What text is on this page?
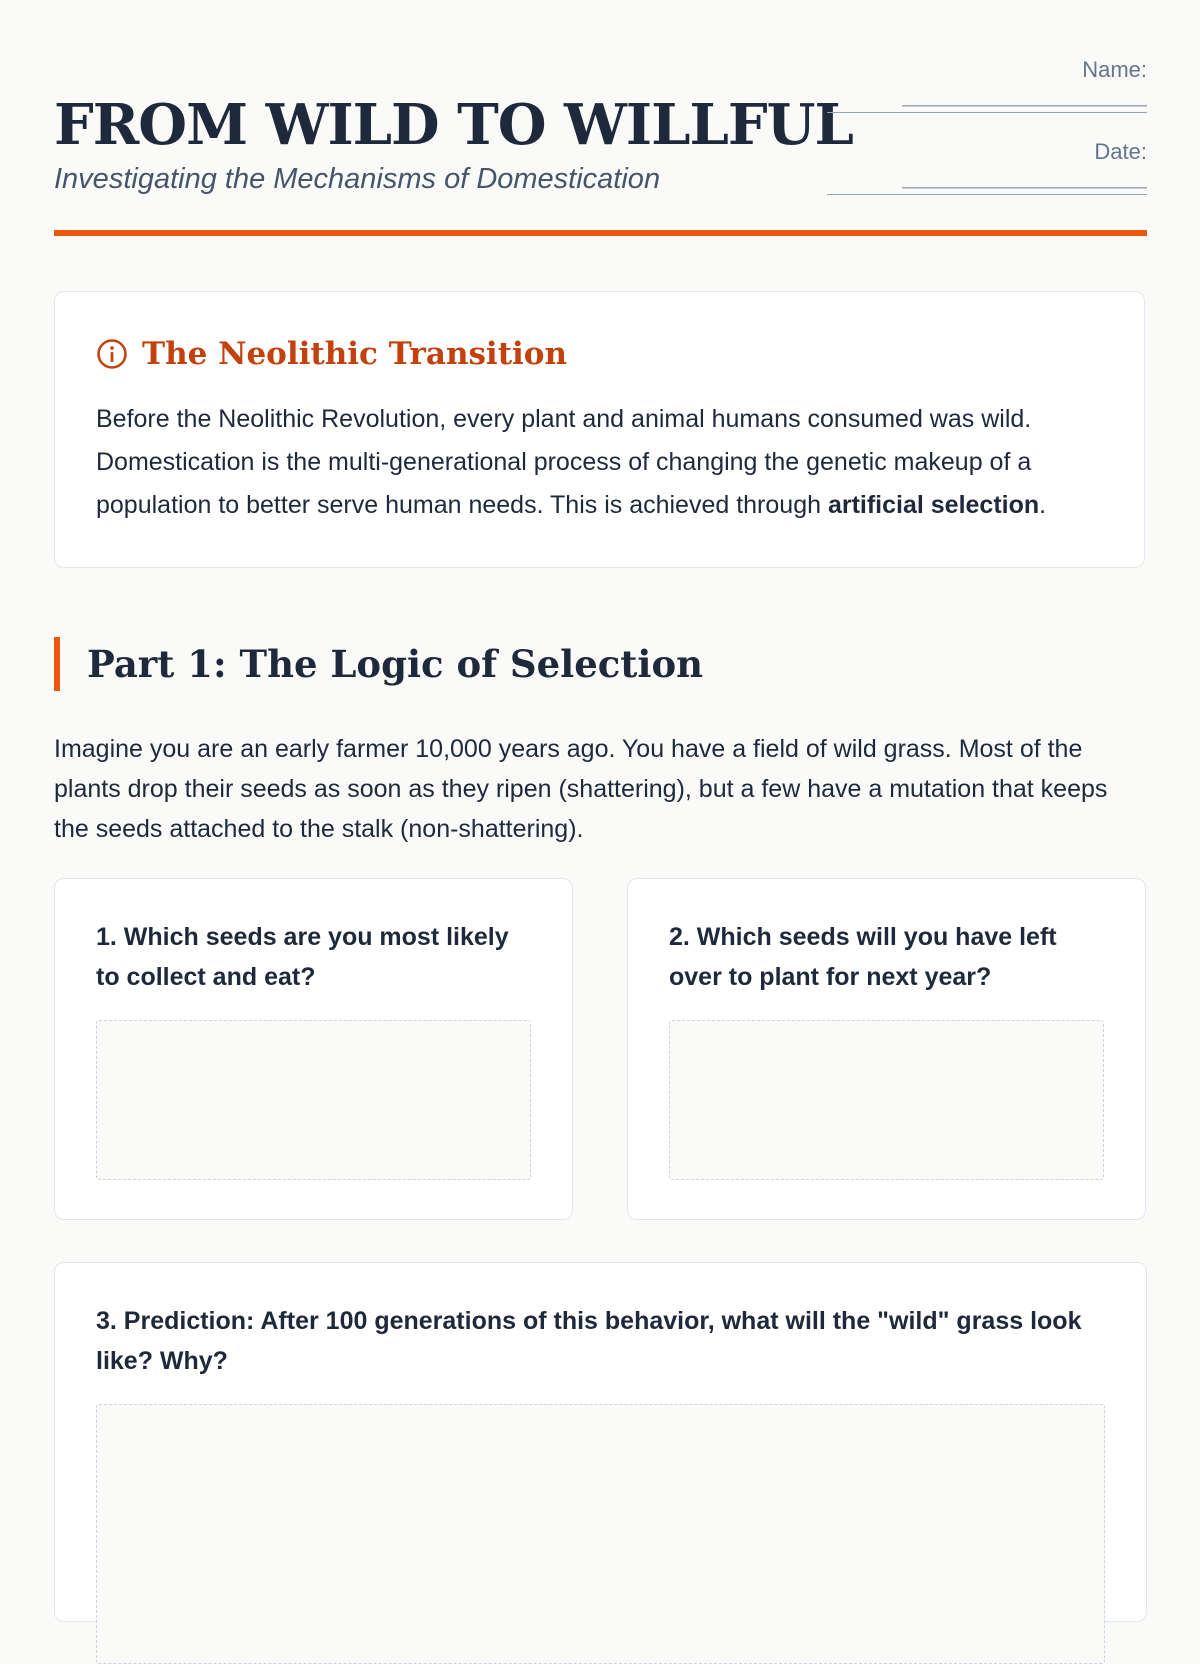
FROM WILD TO WILLFUL

Investigating the Mechanisms of Domestication

Name:
____________________
Date:
____________________
The Neolithic Transition

Before the Neolithic Revolution, every plant and animal humans consumed was wild. Domestication is the multi-generational process of changing the genetic makeup of a population to better serve human needs. This is achieved through artificial selection.

Part 1: The Logic of Selection

Imagine you are an early farmer 10,000 years ago. You have a field of wild grass. Most of the plants drop their seeds as soon as they ripen (shattering), but a few have a mutation that keeps the seeds attached to the stalk (non-shattering).

1. Which seeds are you most likely to collect and eat?
2. Which seeds will you have left over to plant for next year?
3. Prediction: After 100 generations of this behavior, what will the "wild" grass look like? Why?
